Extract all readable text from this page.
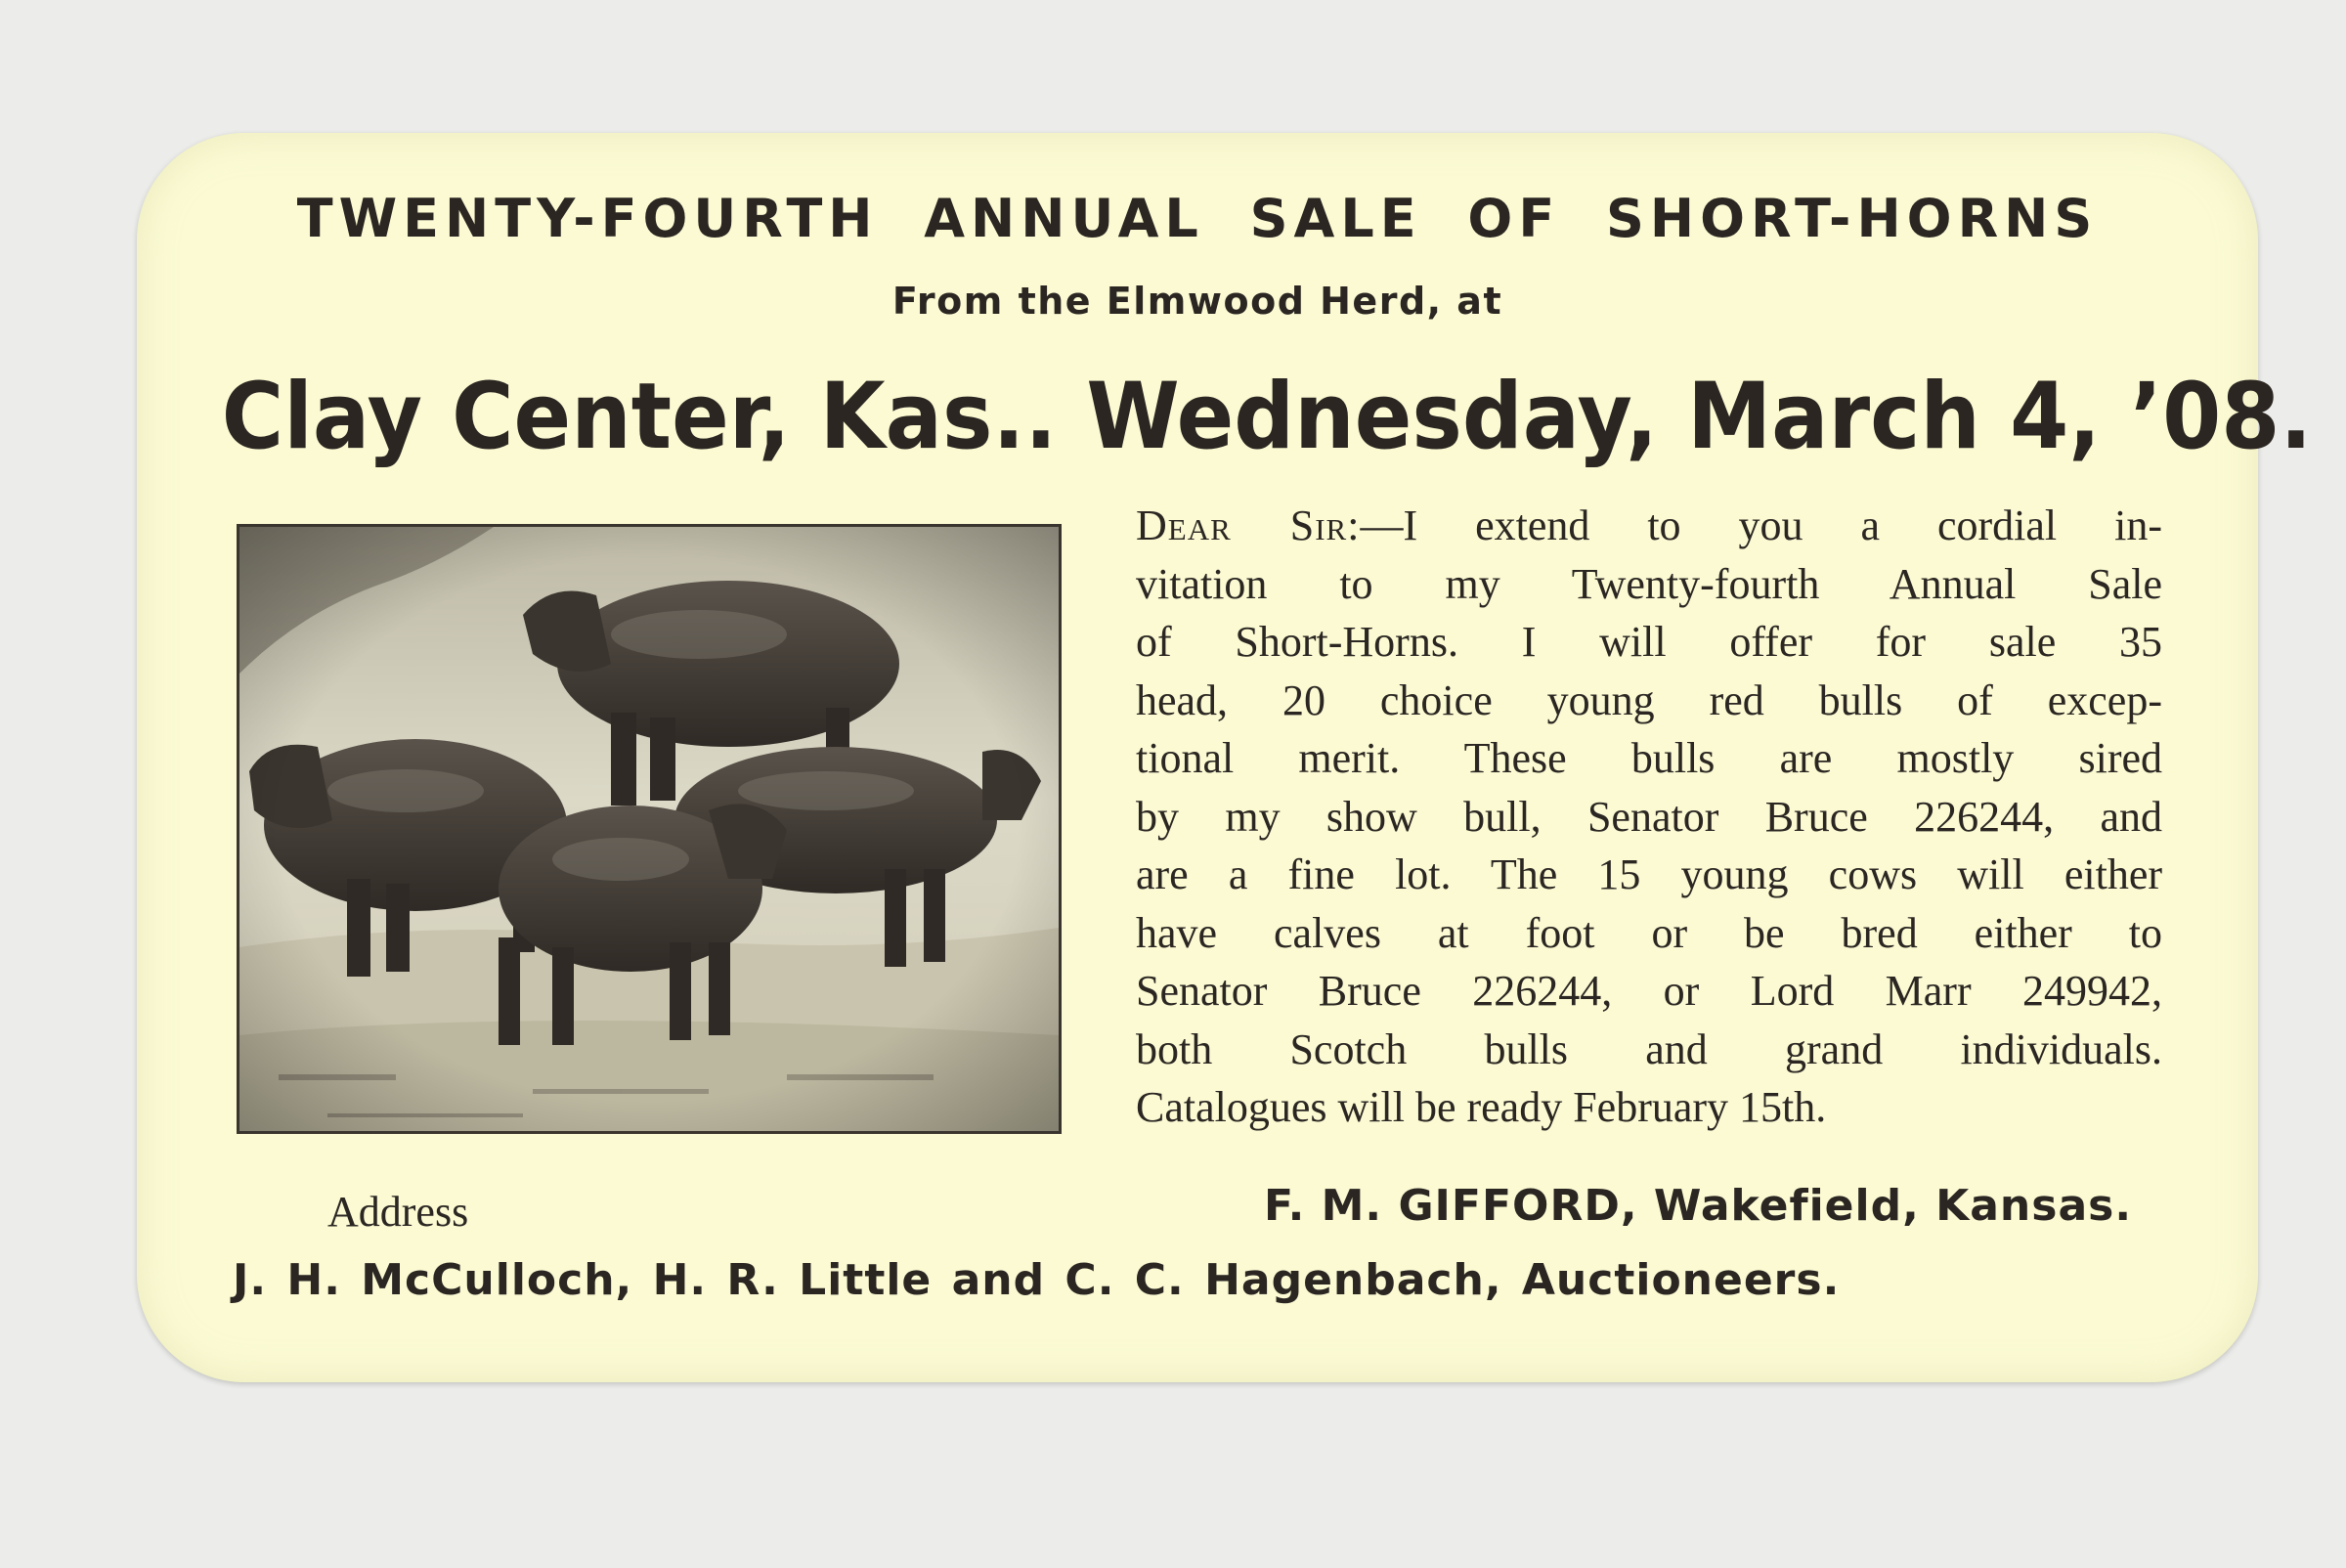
TWENTY-FOURTH ANNUAL SALE OF SHORT-HORNS
From the Elmwood Herd, at
Clay Center, Kas.. Wednesday, March 4, ’08.
Dear Sir:—I extend to you a cordial in-
vitation to my Twenty-fourth Annual Sale
of Short-Horns. I will offer for sale 35
head, 20 choice young red bulls of excep-
tional merit. These bulls are mostly sired
by my show bull, Senator Bruce 226244, and
are a fine lot. The 15 young cows will either
have calves at foot or be bred either to
Senator Bruce 226244, or Lord Marr 249942,
both Scotch bulls and grand individuals.
Catalogues will be ready February 15th.
Address	F. M. GIFFORD, Wakefield, Kansas.
J. H. McCulloch, H. R. Little and C. C. Hagenbach, Auctioneers.
